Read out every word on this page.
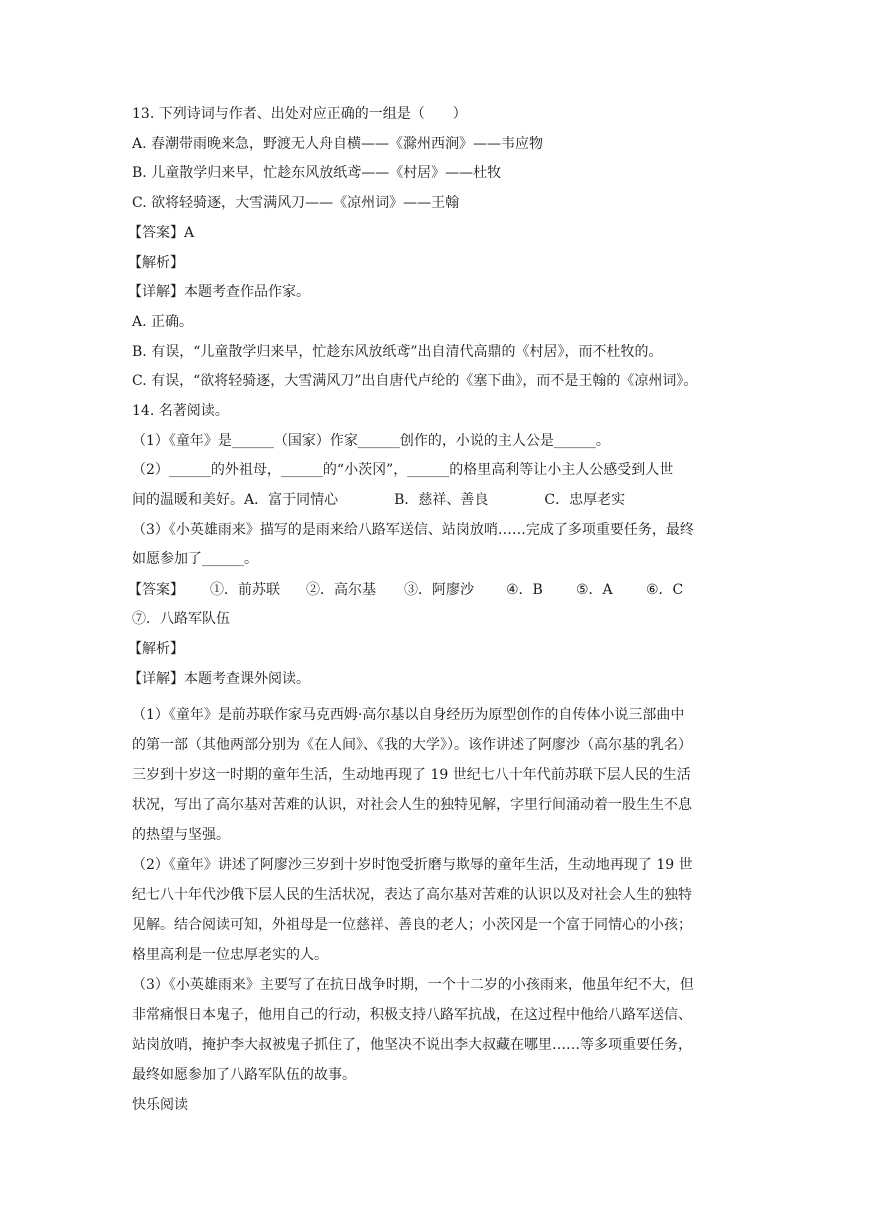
13. 下列诗词与作者、出处对应正确的一组是（　　）
A. 春潮带雨晚来急，野渡无人舟自横——《滁州西涧》——韦应物
B. 儿童散学归来早，忙趁东风放纸鸢——《村居》——杜牧
C. 欲将轻骑逐，大雪满风刀——《凉州词》——王翰
【答案】A
【解析】
【详解】本题考查作品作家。
A. 正确。
B. 有误，“儿童散学归来早，忙趁东风放纸鸢”出自清代高鼎的《村居》，而不杜牧的。
C. 有误，“欲将轻骑逐，大雪满风刀”出自唐代卢纶的《塞下曲》，而不是王翰的《凉州词》。
14. 名著阅读。
（1）《童年》是______（国家）作家______创作的，小说的主人公是______。
（2）______的外祖母，______的“小茨冈”，______的格里高利等让小主人公感受到人世
间的温暖和美好。A．富于同情心　　　　B．慈祥、善良　　　　C．忠厚老实
（3）《小英雄雨来》描写的是雨来给八路军送信、站岗放哨……完成了多项重要任务，最终
如愿参加了______。
【答案】 ①．前苏联 ②．高尔基 ③．阿廖沙 ④．B ⑤．A ⑥．C
⑦．八路军队伍
【解析】
【详解】本题考查课外阅读。
（1）《童年》是前苏联作家马克西姆·高尔基以自身经历为原型创作的自传体小说三部曲中
的第一部（其他两部分别为《在人间》、《我的大学》）。该作讲述了阿廖沙（高尔基的乳名）
三岁到十岁这一时期的童年生活，生动地再现了 19 世纪七八十年代前苏联下层人民的生活
状况，写出了高尔基对苦难的认识，对社会人生的独特见解，字里行间涌动着一股生生不息
的热望与坚强。
（2）《童年》讲述了阿廖沙三岁到十岁时饱受折磨与欺辱的童年生活，生动地再现了 19 世
纪七八十年代沙俄下层人民的生活状况，表达了高尔基对苦难的认识以及对社会人生的独特
见解。结合阅读可知，外祖母是一位慈祥、善良的老人；小茨冈是一个富于同情心的小孩；
格里高利是一位忠厚老实的人。
（3）《小英雄雨来》主要写了在抗日战争时期，一个十二岁的小孩雨来，他虽年纪不大，但
非常痛恨日本鬼子，他用自己的行动，积极支持八路军抗战，在这过程中他给八路军送信、
站岗放哨，掩护李大叔被鬼子抓住了，他坚决不说出李大叔藏在哪里……等多项重要任务，
最终如愿参加了八路军队伍的故事。
快乐阅读
